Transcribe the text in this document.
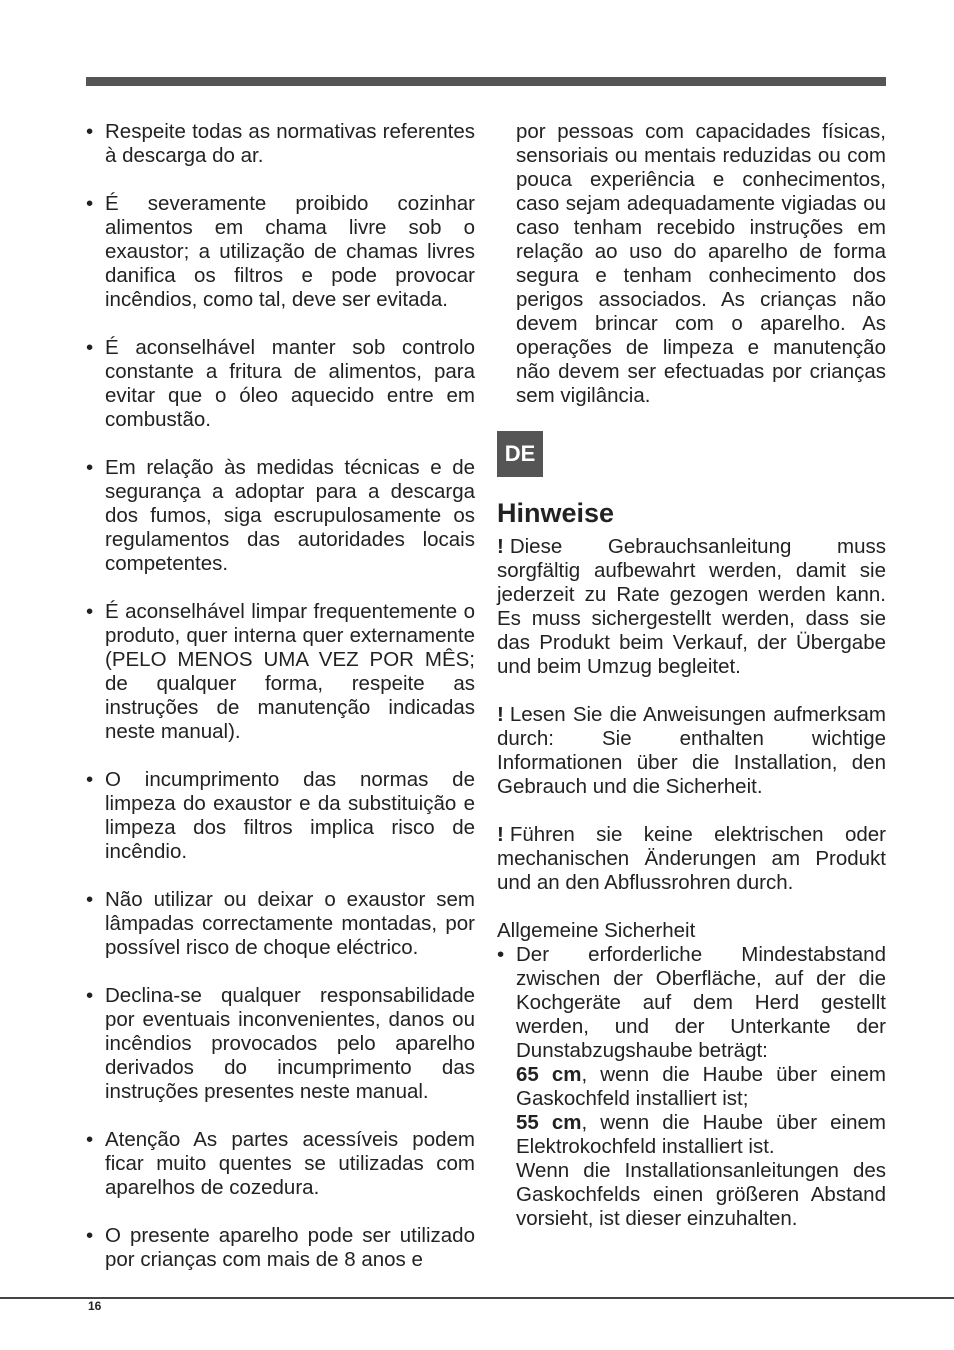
• Respeite todas as normativas referentes à descarga do ar.
• É severamente proibido cozinhar alimentos em chama livre sob o exaustor; a utilização de chamas livres danifica os filtros e pode provocar incêndios, como tal, deve ser evitada.
• É aconselhável manter sob controlo constante a fritura de alimentos, para evitar que o óleo aquecido entre em combustão.
• Em relação às medidas técnicas e de segurança a adoptar para a descarga dos fumos, siga escrupulosamente os regulamentos das autoridades locais competentes.
• É aconselhável limpar frequentemente o produto, quer interna quer externamente (PELO MENOS UMA VEZ POR MÊS; de qualquer forma, respeite as instruções de manutenção indicadas neste manual).
• O incumprimento das normas de limpeza do exaustor e da substituição e limpeza dos filtros implica risco de incêndio.
• Não utilizar ou deixar o exaustor sem lâmpadas correctamente montadas, por possível risco de choque eléctrico.
• Declina-se qualquer responsabilidade por eventuais inconvenientes, danos ou incêndios provocados pelo aparelho derivados do incumprimento das instruções presentes neste manual.
• Atenção As partes acessíveis podem ficar muito quentes se utilizadas com aparelhos de cozedura.
• O presente aparelho pode ser utilizado por crianças com mais de 8 anos e

por pessoas com capacidades físicas, sensoriais ou mentais reduzidas ou com pouca experiência e conhecimentos, caso sejam adequadamente vigiadas ou caso tenham recebido instruções em relação ao uso do aparelho de forma segura e tenham conhecimento dos perigos associados. As crianças não devem brincar com o aparelho. As operações de limpeza e manutenção não devem ser efectuadas por crianças sem vigilância.

DE
Hinweise

! Diese Gebrauchsanleitung muss sorgfältig aufbewahrt werden, damit sie jederzeit zu Rate gezogen werden kann. Es muss sichergestellt werden, dass sie das Produkt beim Verkauf, der Übergabe und beim Umzug begleitet.

! Lesen Sie die Anweisungen aufmerksam durch: Sie enthalten wichtige Informationen über die Installation, den Gebrauch und die Sicherheit.

! Führen sie keine elektrischen oder mechanischen Änderungen am Produkt und an den Abflussrohren durch.

Allgemeine Sicherheit

• Der erforderliche Mindestabstand zwischen der Oberfläche, auf der die Kochgeräte auf dem Herd gestellt werden, und der Unterkante der Dunstabzugshaube beträgt:
65 cm, wenn die Haube über einem Gaskochfeld installiert ist;
55 cm, wenn die Haube über einem Elektrokochfeld installiert ist.
Wenn die Installationsanleitungen des Gaskochfelds einen größeren Abstand vorsieht, ist dieser einzuhalten.
16
